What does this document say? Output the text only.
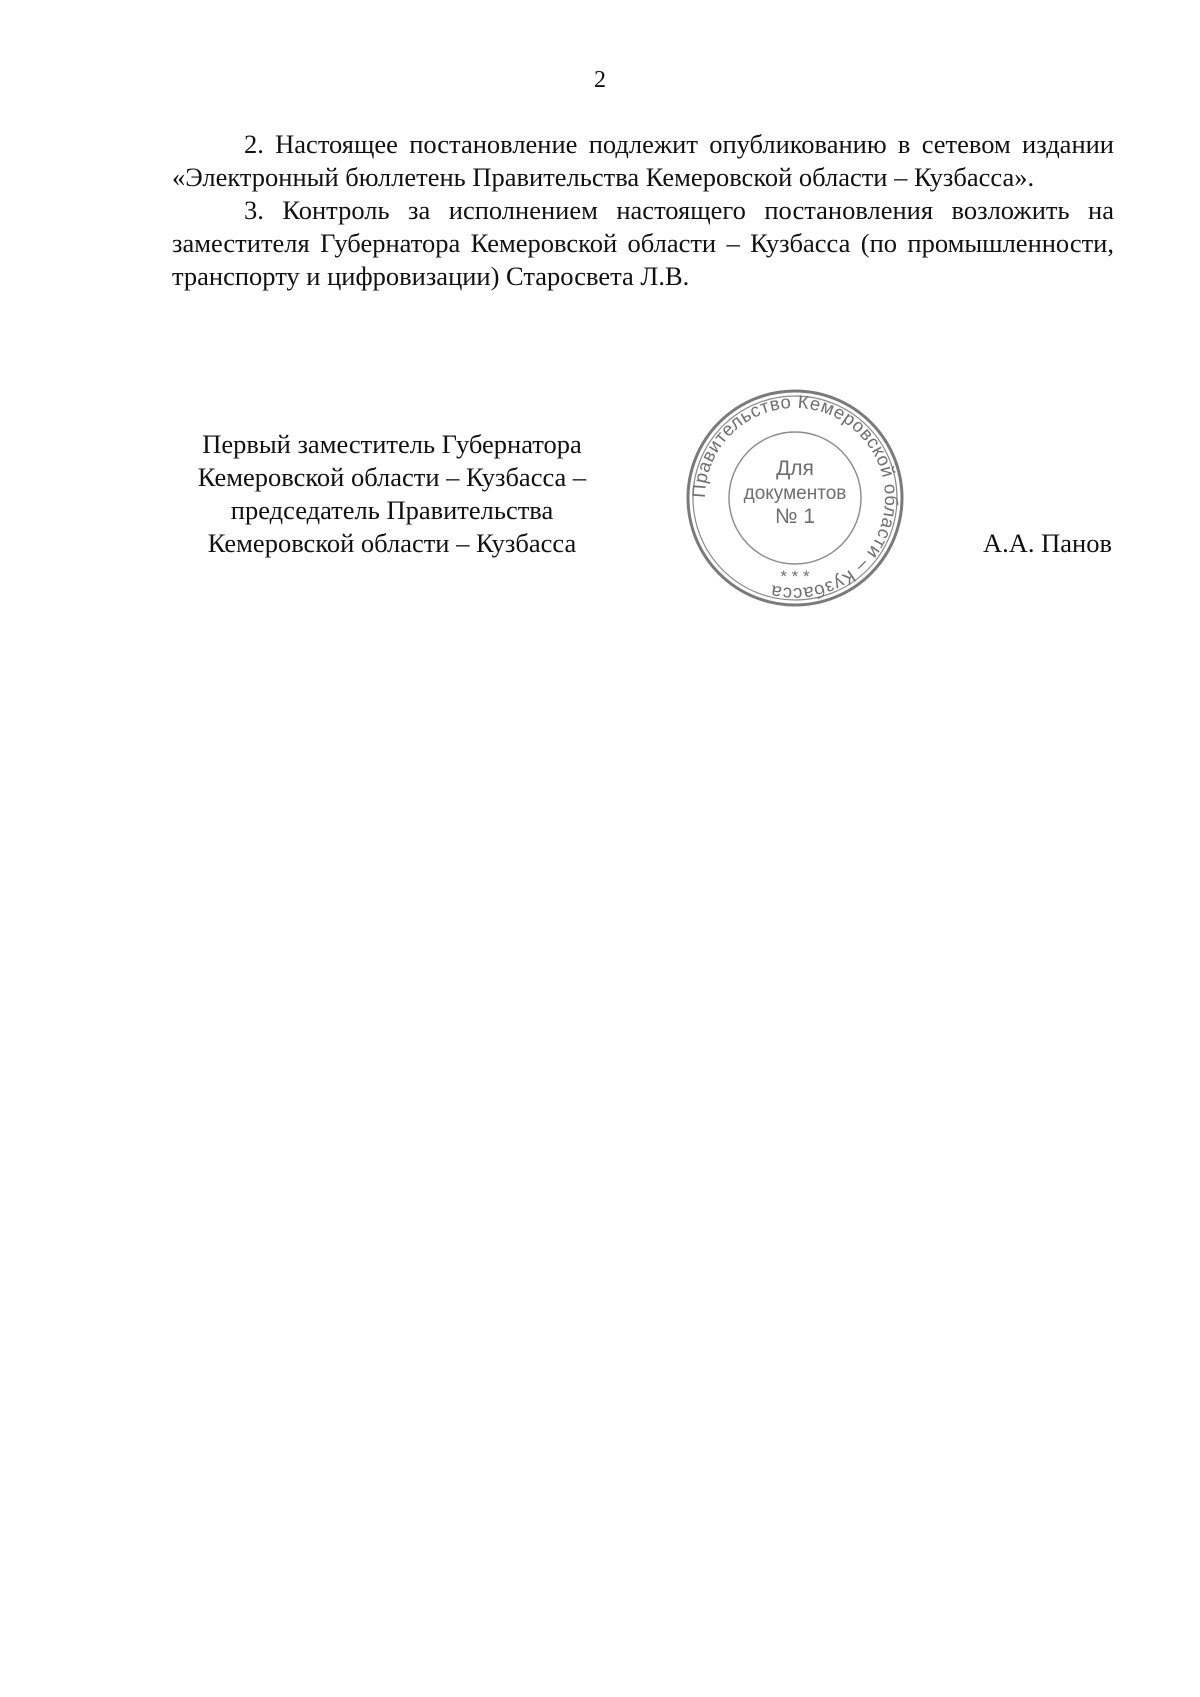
2

2. Настоящее постановление подлежит опубликованию в сетевом издании «Электронный бюллетень Правительства Кемеровской области – Кузбасса».

3. Контроль за исполнением настоящего постановления возложить на заместителя Губернатора Кемеровской области – Кузбасса (по промышленности, транспорту и цифровизации) Старосвета Л.В.

Первый заместитель Губернатора
Кемеровской области – Кузбасса –
председатель Правительства
Кемеровской области – Кузбасса
Правительство Кемеровской области – Кузбасса
* * *
Для
документов
№ 1
А.А. Панов
